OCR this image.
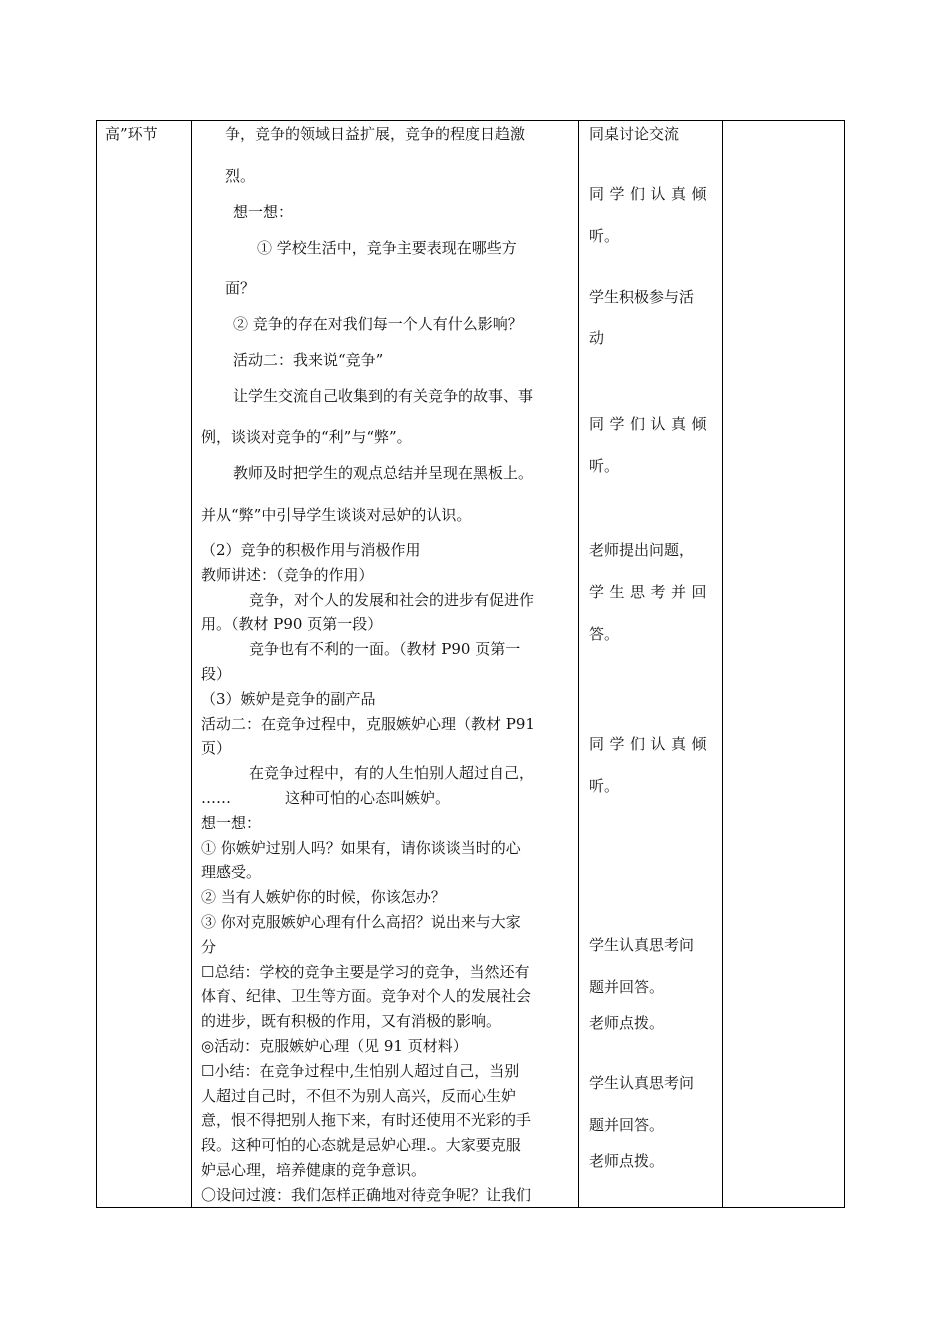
高”环节	争，竞争的领域日益扩展，竞争的程度日趋激
烈。
想一想：
① 学校生活中，竞争主要表现在哪些方
面？
② 竞争的存在对我们每一个人有什么影响？
活动二：我来说“竞争”
让学生交流自己收集到的有关竞争的故事、事
例，谈谈对竞争的“利”与“弊”。
教师及时把学生的观点总结并呈现在黑板上。
并从“弊”中引导学生谈谈对忌妒的认识。
（2）竞争的积极作用与消极作用
教师讲述：（竞争的作用）
竞争，对个人的发展和社会的进步有促进作
用。（教材 P90 页第一段）
竞争也有不利的一面。（教材 P90 页第一
段）
（3）嫉妒是竞争的副产品
活动二：在竞争过程中，克服嫉妒心理（教材 P91
页）
在竞争过程中，有的人生怕别人超过自己，
……	这种可怕的心态叫嫉妒。
想一想：
① 你嫉妒过别人吗？如果有，请你谈谈当时的心
理感受。
② 当有人嫉妒你的时候，你该怎办？
③ 你对克服嫉妒心理有什么高招？说出来与大家
分
☐总结：学校的竞争主要是学习的竞争，当然还有
体育、纪律、卫生等方面。竞争对个人的发展社会
的进步，既有积极的作用，又有消极的影响。
◎活动：克服嫉妒心理（见 91 页材料）
☐小结：在竞争过程中,生怕别人超过自己，当别
人超过自己时，不但不为别人高兴，反而心生妒
意，恨不得把别人拖下来，有时还使用不光彩的手
段。这种可怕的心态就是忌妒心理.。大家要克服
妒忌心理，培养健康的竞争意识。
〇设问过渡：我们怎样正确地对待竞争呢？让我们
同桌讨论交流
同学们认真倾
听。
学生积极参与活
动
同学们认真倾
听。
老师提出问题，
学生思考并回
答。
同学们认真倾
听。
学生认真思考问
题并回答。
老师点拨。
学生认真思考问
题并回答。
老师点拨。
